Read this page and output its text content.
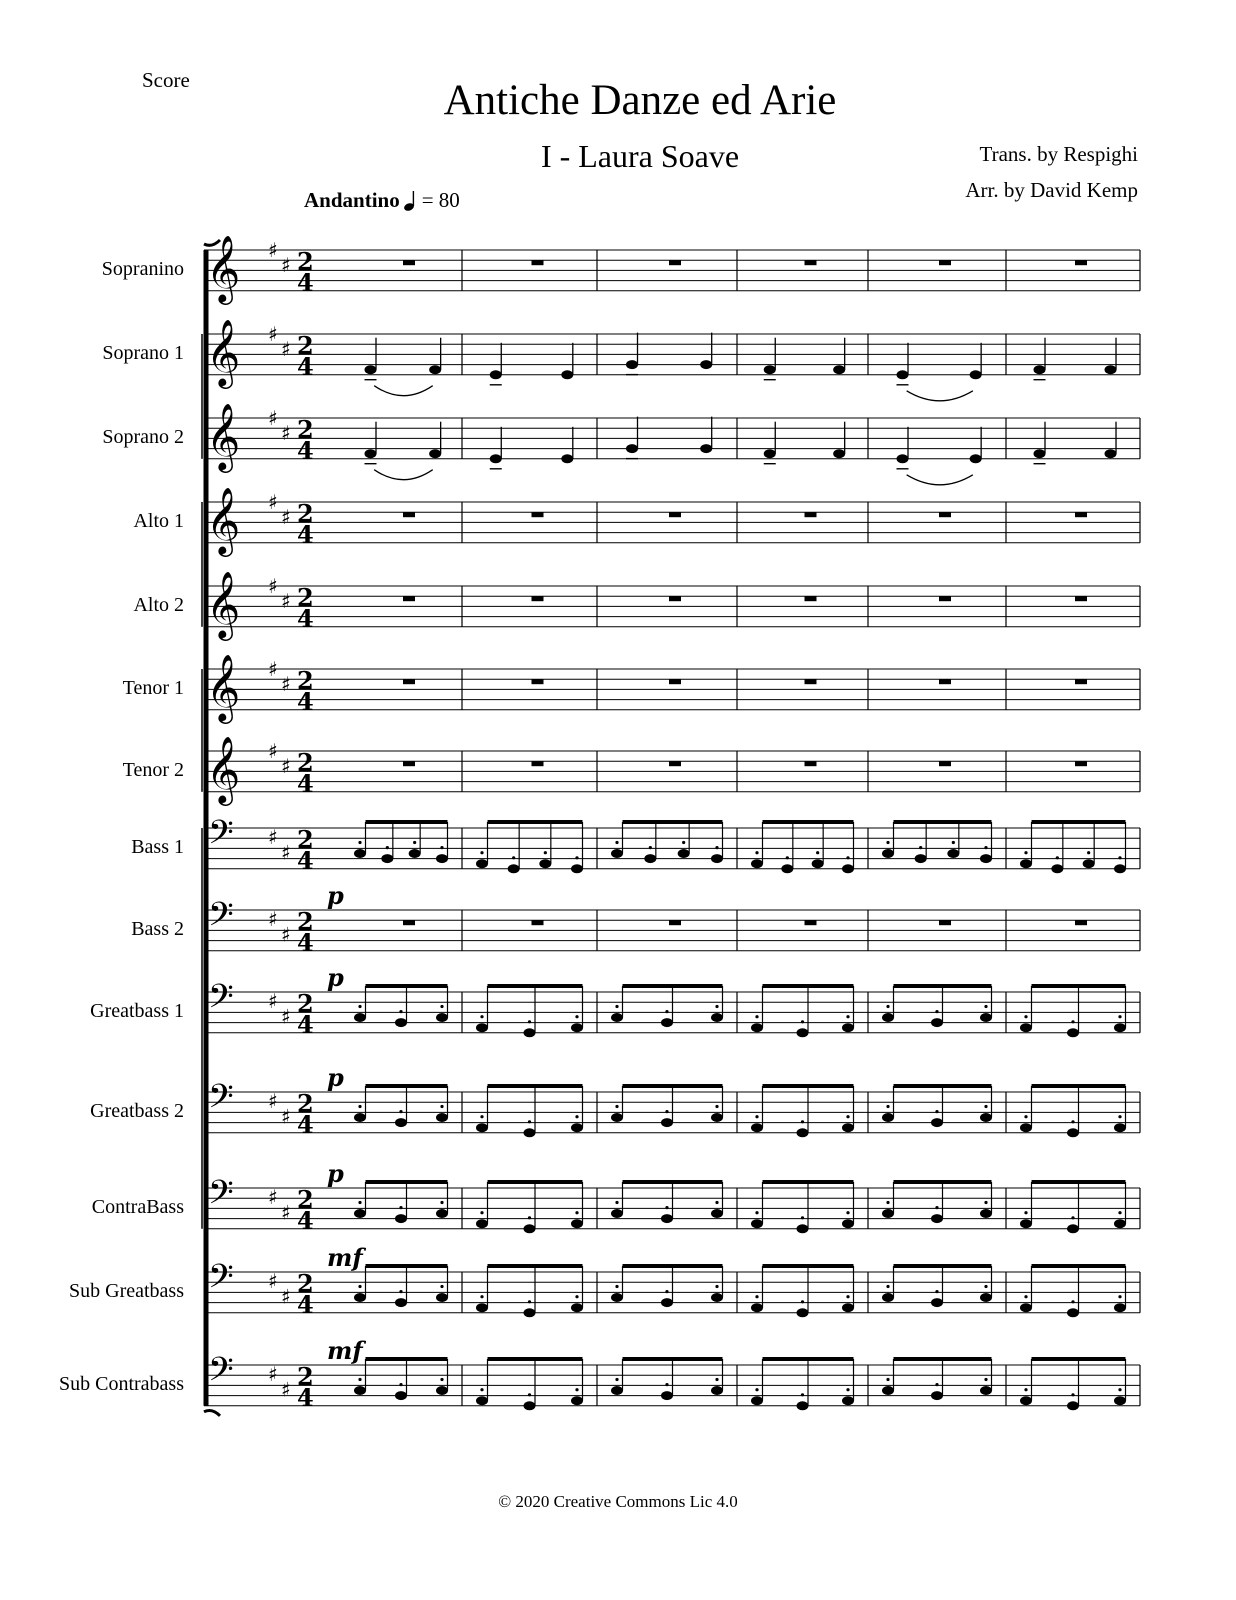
Score	Antiche Danze ed Arie
I - Laura Soave	Trans. by Respighi
Arr. by David Kemp
Andantino = 80
Sopranino
Soprano 1
Soprano 2
Alto 1
Alto 2
Tenor 1
Tenor 2
Bass 1
Bass 2
Greatbass 1
Greatbass 2
ContraBass
Sub Greatbass
Sub Contrabass
𝄞 ♯
♯ 2
4
𝄞 ♯
♯ 2
4
𝄞 ♯
♯ 2
4
𝄞 ♯
♯ 2
4
𝄞 ♯
♯ 2
4
𝄞 ♯
♯ 2
4
𝄞 ♯
♯ 2
4
𝄢 ♯
♯ 2
4
𝄢 ♯
♯ 2
4
p
𝄢 ♯
♯ 2
4
p
𝄢 ♯
♯ 2
4
p
𝄢 ♯
♯ 2
4
p
𝄢 ♯
♯ 2
4
mf
𝄢 ♯
♯ 2
4
mf
© 2020 Creative Commons Lic 4.0
